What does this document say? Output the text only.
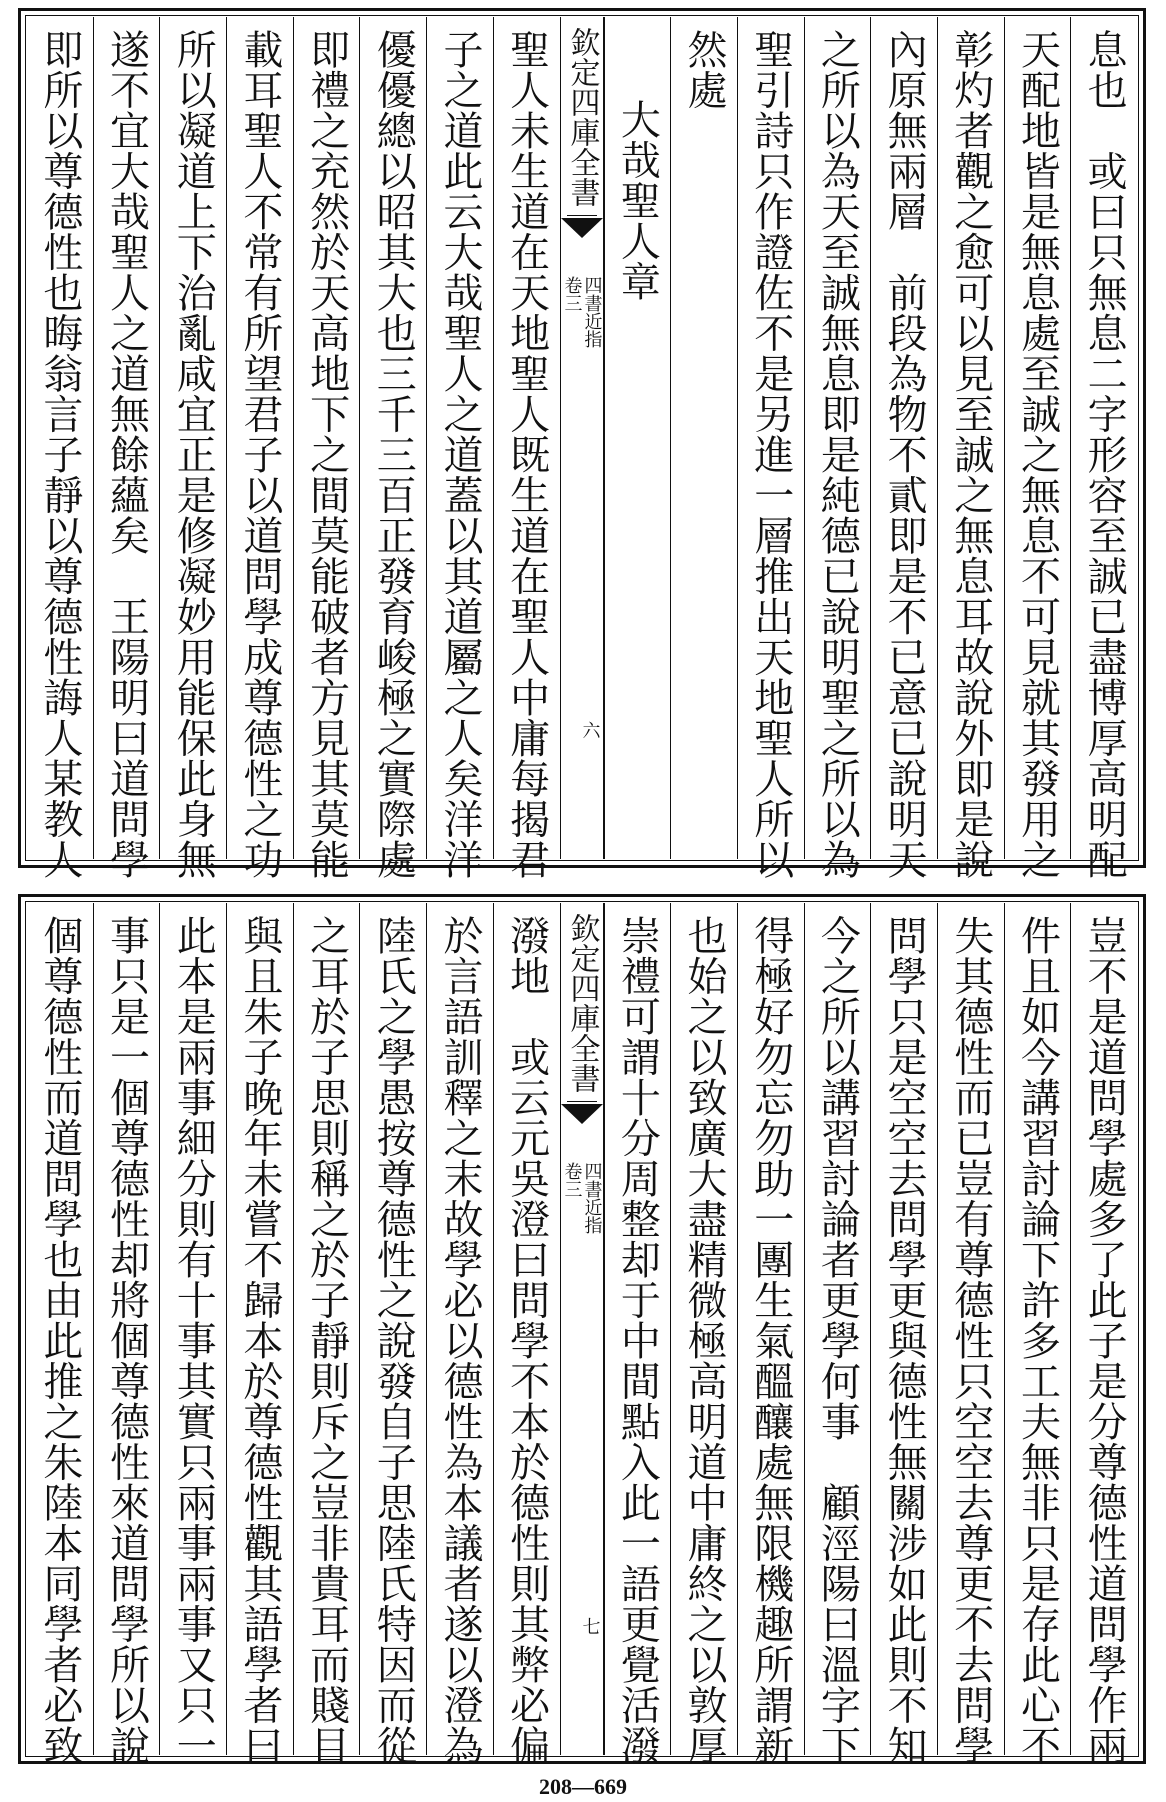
息也　或曰只無息二字形容至誠已盡博厚高明配
天配地皆是無息處至誠之無息不可見就其發用之
彰灼者觀之愈可以見至誠之無息耳故說外即是說
內原無兩層　前段為物不貳即是不已意已說明天
之所以為天至誠無息即是純德已說明聖之所以為
聖引詩只作證佐不是另進一層推出天地聖人所以
然處
大哉聖人章
欽定四庫全書
四書近指
卷三
六
聖人未生道在天地聖人既生道在聖人中庸每揭君
子之道此云大哉聖人之道蓋以其道屬之人矣洋洋
優優總以昭其大也三千三百正發育峻極之實際處
即禮之充然於天高地下之間莫能破者方見其莫能
載耳聖人不常有所望君子以道問學成尊德性之功
所以凝道上下治亂咸宜正是修凝妙用能保此身無
遂不宜大哉聖人之道無餘蘊矣　王陽明曰道問學
即所以尊德性也晦翁言子靜以尊德性誨人某教人
豈不是道問學處多了此子是分尊德性道問學作兩
件且如今講習討論下許多工夫無非只是存此心不
失其德性而已豈有尊德性只空空去尊更不去問學
問學只是空空去問學更與德性無關涉如此則不知
今之所以講習討論者更學何事　顧涇陽曰溫字下
得極好勿忘勿助一團生氣醞釀處無限機趣所謂新
也始之以致廣大盡精微極高明道中庸終之以敦厚
崇禮可謂十分周整却于中間點入此一語更覺活潑
欽定四庫全書
四書近指
卷三
七
潑地　或云元吳澄曰問學不本於德性則其弊必偏
於言語訓釋之末故學必以德性為本議者遂以澄為
陸氏之學愚按尊德性之說發自子思陸氏特因而從
之耳於子思則稱之於子靜則斥之豈非貴耳而賤目
與且朱子晚年未嘗不歸本於尊德性觀其語學者曰
此本是兩事細分則有十事其實只兩事兩事又只一
事只是一個尊德性却將個尊德性來道問學所以說
個尊德性而道問學也由此推之朱陸本同學者必致
208—669
